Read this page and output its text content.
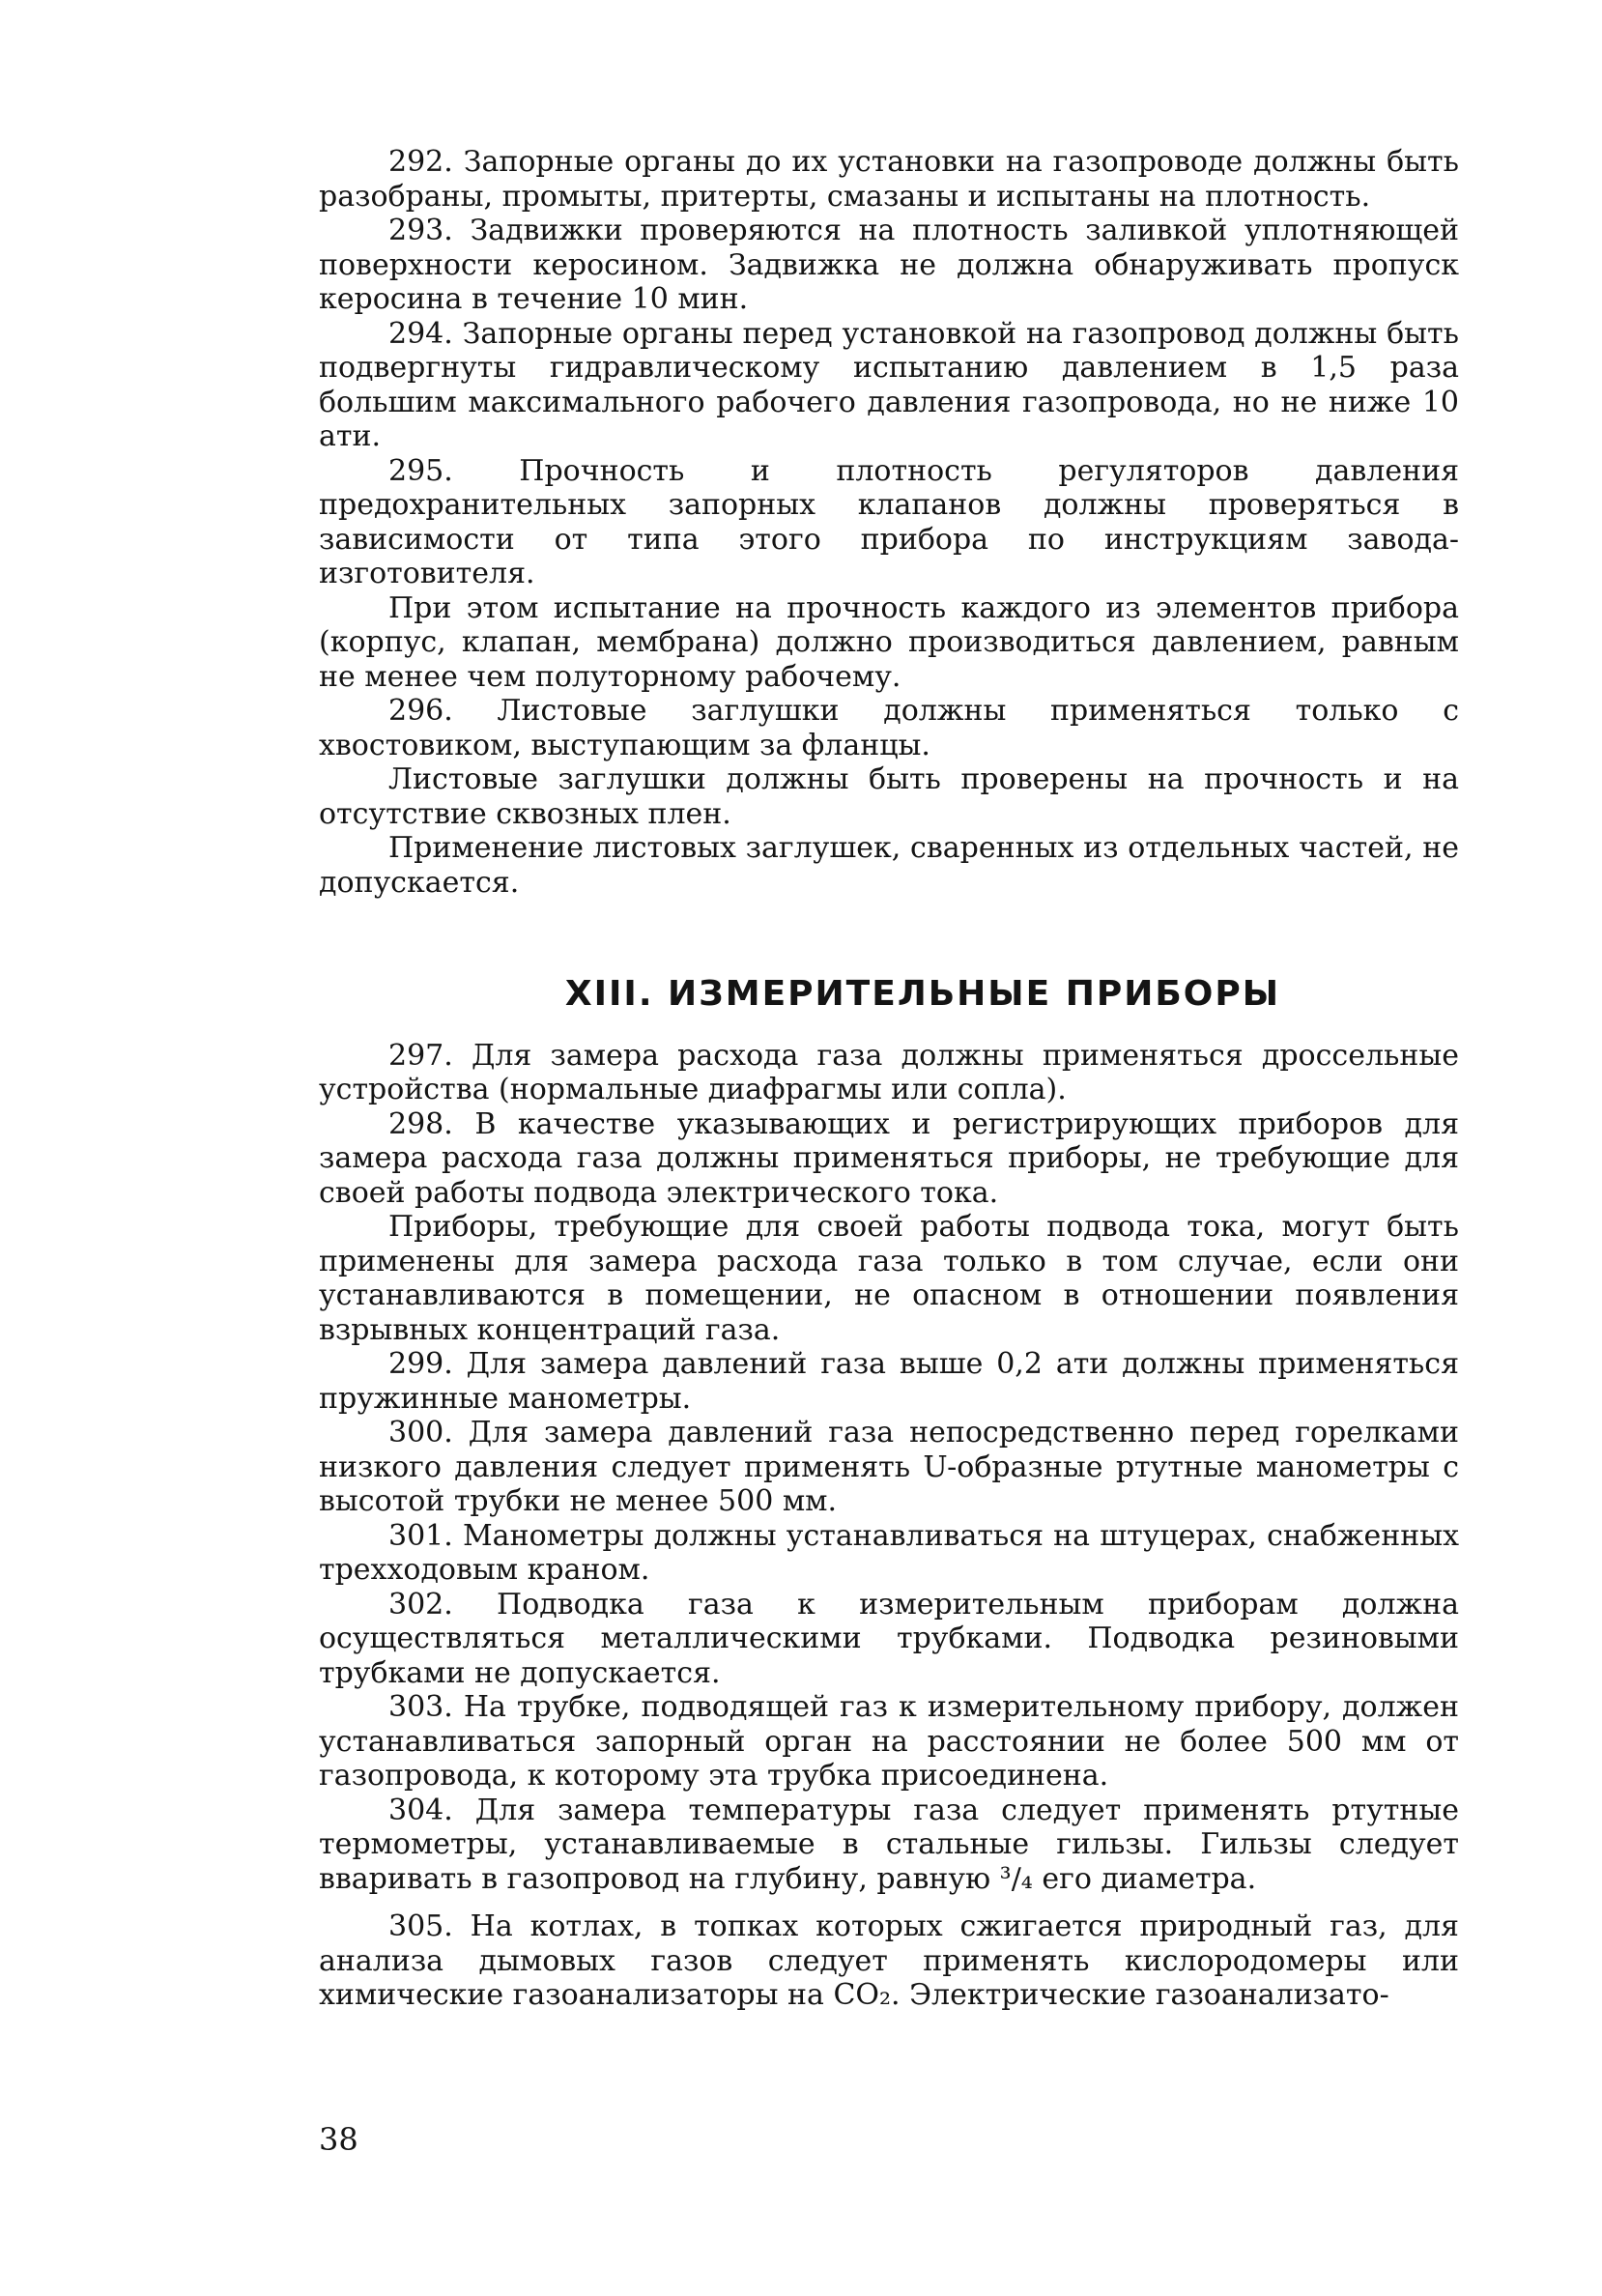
292. Запорные органы до их установки на газопроводе должны быть разобраны, промыты, притерты, смазаны и испытаны на плотность.

293. Задвижки проверяются на плотность заливкой уплотняющей поверхности керосином. Задвижка не должна обнаруживать пропуск керосина в течение 10 мин.

294. Запорные органы перед установкой на газопровод должны быть подвергнуты гидравлическому испытанию давлением в 1,5 раза большим максимального рабочего давления газопровода, но не ниже 10 ати.

295. Прочность и плотность регуляторов давления предохранительных запорных клапанов должны проверяться в зависимости от типа этого прибора по инструкциям завода-изготовителя.

При этом испытание на прочность каждого из элементов прибора (корпус, клапан, мембрана) должно производиться давлением, равным не менее чем полуторному рабочему.

296. Листовые заглушки должны применяться только с хвостовиком, выступающим за фланцы.

Листовые заглушки должны быть проверены на прочность и на отсутствие сквозных плен.

Применение листовых заглушек, сваренных из отдельных частей, не допускается.

XIII. ИЗМЕРИТЕЛЬНЫЕ ПРИБОРЫ

297. Для замера расхода газа должны применяться дроссельные устройства (нормальные диафрагмы или сопла).

298. В качестве указывающих и регистрирующих приборов для замера расхода газа должны применяться приборы, не требующие для своей работы подвода электрического тока.

Приборы, требующие для своей работы подвода тока, могут быть применены для замера расхода газа только в том случае, если они устанавливаются в помещении, не опасном в отношении появления взрывных концентраций газа.

299. Для замера давлений газа выше 0,2 ати должны применяться пружинные манометры.

300. Для замера давлений газа непосредственно перед горелками низкого давления следует применять U-образные ртутные манометры с высотой трубки не менее 500 мм.

301. Манометры должны устанавливаться на штуцерах, снабженных трехходовым краном.

302. Подводка газа к измерительным приборам должна осуществляться металлическими трубками. Подводка резиновыми трубками не допускается.

303. На трубке, подводящей газ к измерительному прибору, должен устанавливаться запорный орган на расстоянии не более 500 мм от газопровода, к которому эта трубка присоединена.

304. Для замера температуры газа следует применять ртутные термометры, устанавливаемые в стальные гильзы. Гильзы следует вваривать в газопровод на глубину, равную ³/₄ его диаметра.

305. На котлах, в топках которых сжигается природный газ, для анализа дымовых газов следует применять кислородомеры или химические газоанализаторы на CO₂. Электрические газоанализато-

38
